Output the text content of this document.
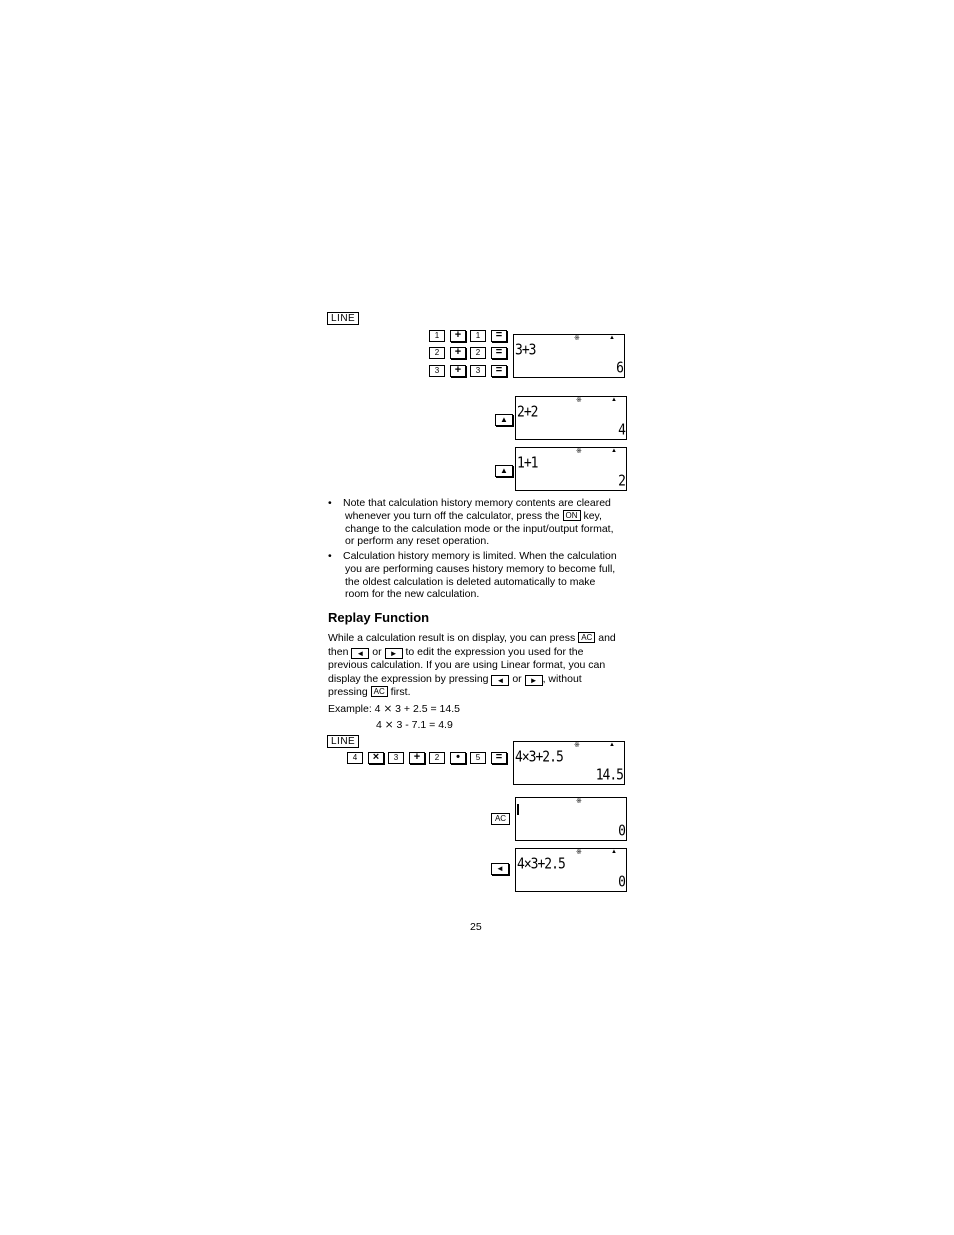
LINE
1	+	1	=
2	+	2	=
3	+	3	=
※	▲
3+3
6
▲
※	▲
2+2
4
▲
※	▲
1+1
2
• Note that calculation history memory contents are cleared
whenever you turn off the calculator, press the ON key,
change to the calculation mode or the input/output format,
or perform any reset operation.
• Calculation history memory is limited. When the calculation
you are performing causes history memory to become full,
the oldest calculation is deleted automatically to make
room for the new calculation.
Replay Function
While a calculation result is on display, you can press AC and
then ◄ or ► to edit the expression you used for the
previous calculation. If you are using Linear format, you can
display the expression by pressing ◄ or ► , without
pressing AC first.
Example: 4 ⨯ 3 + 2.5 = 14.5
4 ⨯ 3 - 7.1 = 4.9
LINE
4	×	3	+	2	•	5	=
※	▲
4×3+2.5
14.5
AC
※
0
◄
※	▲
4×3+2.5
0
25
